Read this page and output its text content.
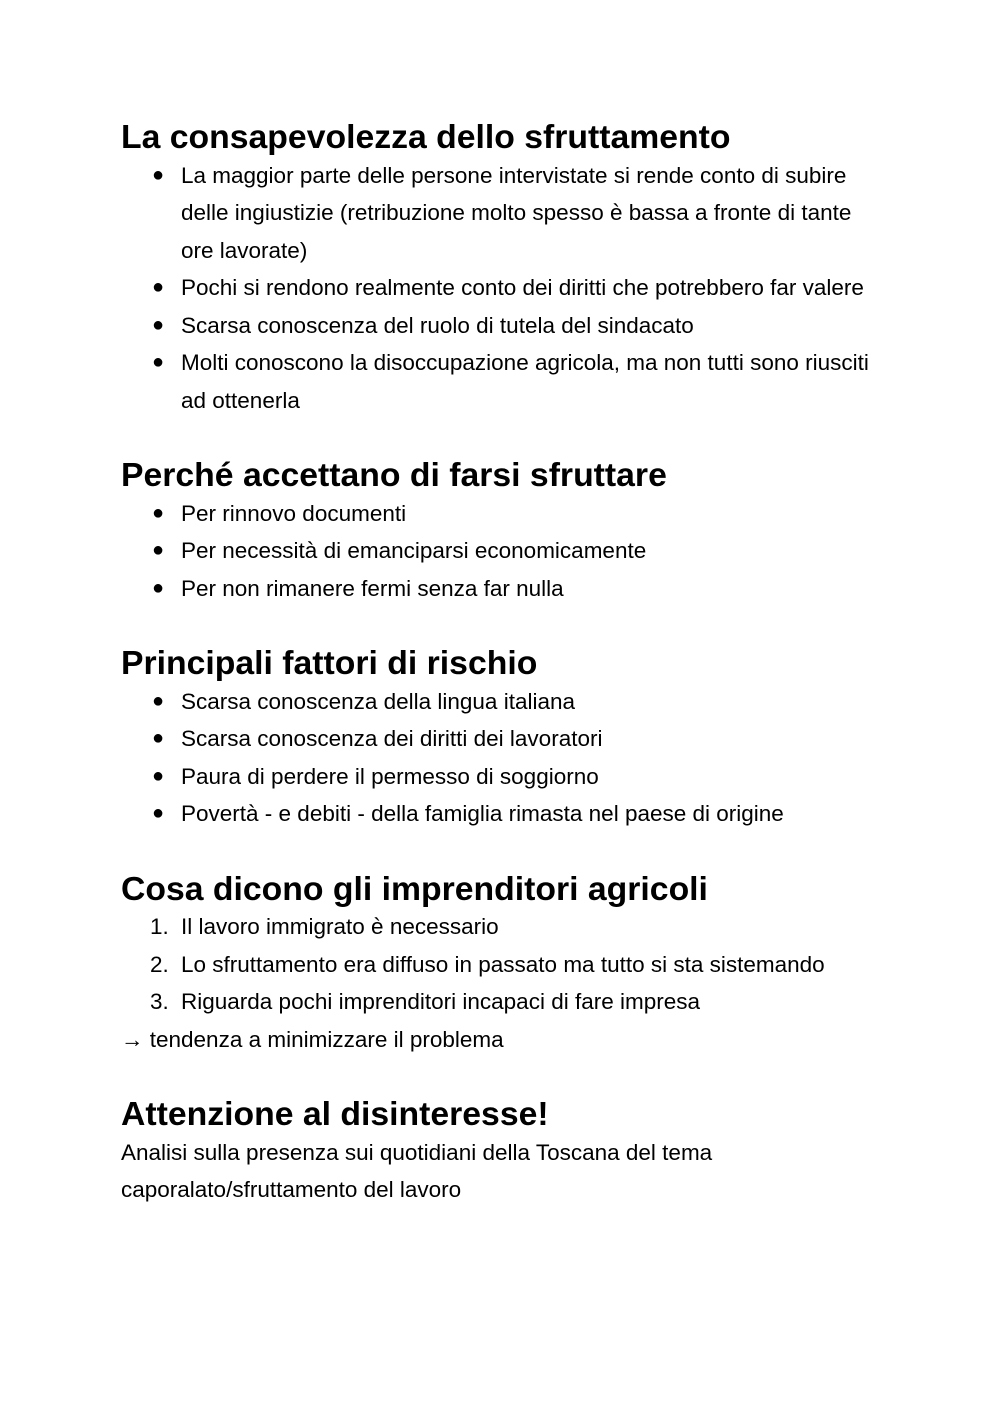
La consapevolezza dello sfruttamento
● La maggior parte delle persone intervistate si rende conto di subire delle ingiustizie (retribuzione molto spesso è bassa a fronte di tante ore lavorate)
● Pochi si rendono realmente conto dei diritti che potrebbero far valere
● Scarsa conoscenza del ruolo di tutela del sindacato
● Molti conoscono la disoccupazione agricola, ma non tutti sono riusciti ad ottenerla
Perché accettano di farsi sfruttare
● Per rinnovo documenti
● Per necessità di emanciparsi economicamente
● Per non rimanere fermi senza far nulla
Principali fattori di rischio
● Scarsa conoscenza della lingua italiana
● Scarsa conoscenza dei diritti dei lavoratori
● Paura di perdere il permesso di soggiorno
● Povertà - e debiti - della famiglia rimasta nel paese di origine
Cosa dicono gli imprenditori agricoli
1. Il lavoro immigrato è necessario
2. Lo sfruttamento era diffuso in passato ma tutto si sta sistemando
3. Riguarda pochi imprenditori incapaci di fare impresa

→ tendenza a minimizzare il problema

Attenzione al disinteresse!

Analisi sulla presenza sui quotidiani della Toscana del tema caporalato/sfruttamento del lavoro
